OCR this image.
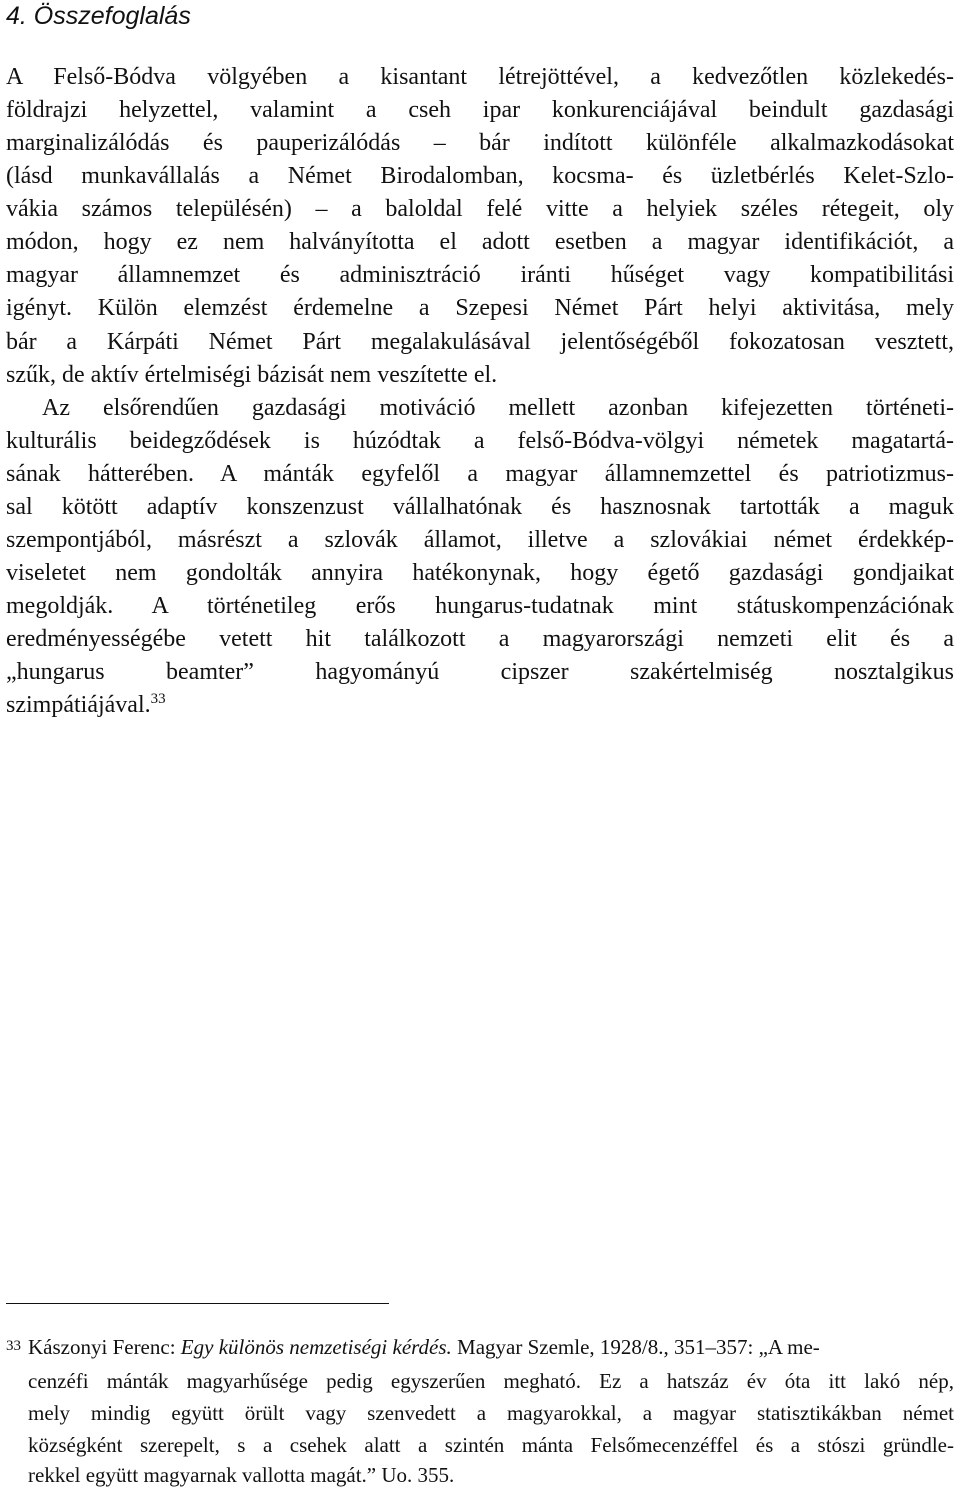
4. Összefoglalás
A Felső-Bódva völgyében a kisantant létrejöttével, a kedvezőtlen közlekedés-
földrajzi helyzettel, valamint a cseh ipar konkurenciájával beindult gazdasági
marginalizálódás és pauperizálódás – bár indított különféle alkalmazkodásokat
(lásd munkavállalás a Német Birodalomban, kocsma- és üzletbérlés Kelet-Szlo-
vákia számos településén) – a baloldal felé vitte a helyiek széles rétegeit, oly
módon, hogy ez nem halványította el adott esetben a magyar identifikációt, a
magyar államnemzet és adminisztráció iránti hűséget vagy kompatibilitási
igényt. Külön elemzést érdemelne a Szepesi Német Párt helyi aktivitása, mely
bár a Kárpáti Német Párt megalakulásával jelentőségéből fokozatosan vesztett,
szűk, de aktív értelmiségi bázisát nem veszítette el.
Az elsőrendűen gazdasági motiváció mellett azonban kifejezetten történeti-
kulturális beidegződések is húzódtak a felső-Bódva-völgyi németek magatartá-
sának hátterében. A mánták egyfelől a magyar államnemzettel és patriotizmus-
sal kötött adaptív konszenzust vállalhatónak és hasznosnak tartották a maguk
szempontjából, másrészt a szlovák államot, illetve a szlovákiai német érdekkép-
viseletet nem gondolták annyira hatékonynak, hogy égető gazdasági gondjaikat
megoldják. A történetileg erős hungarus-tudatnak mint státuskompenzációnak
eredményességébe vetett hit találkozott a magyarországi nemzeti elit és a
„hungarus beamter” hagyományú cipszer szakértelmiség nosztalgikus
szimpátiájával.$^{33}$
33 Kászonyi Ferenc: Egy különös nemzetiségi kérdés. Magyar Szemle, 1928/8., 351–357: „A me-
cenzéfi mánták magyarhűsége pedig egyszerűen megható. Ez a hatszáz év óta itt lakó nép,
mely mindig együtt örült vagy szenvedett a magyarokkal, a magyar statisztikákban német
községként szerepelt, s a csehek alatt a szintén mánta Felsőmecenzéffel és a stószi gründle-
rekkel együtt magyarnak vallotta magát.” Uo. 355.
